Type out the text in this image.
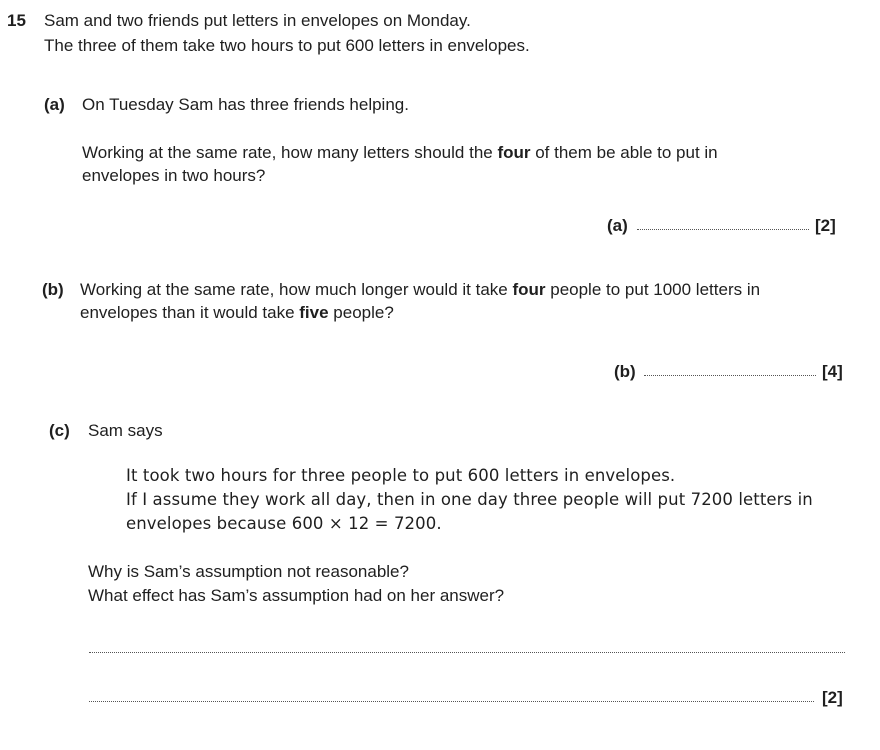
15 Sam and two friends put letters in envelopes on Monday.
The three of them take two hours to put 600 letters in envelopes.
(a) On Tuesday Sam has three friends helping.
Working at the same rate, how many letters should the four of them be able to put in
envelopes in two hours?
(a)	[2]
(b) Working at the same rate, how much longer would it take four people to put 1000 letters in
envelopes than it would take five people?
(b)	[4]
(c) Sam says
It took two hours for three people to put 600 letters in envelopes.
If I assume they work all day, then in one day three people will put 7200 letters in
envelopes because 600 × 12 = 7200.
Why is Sam’s assumption not reasonable?
What effect has Sam’s assumption had on her answer?
[2]
